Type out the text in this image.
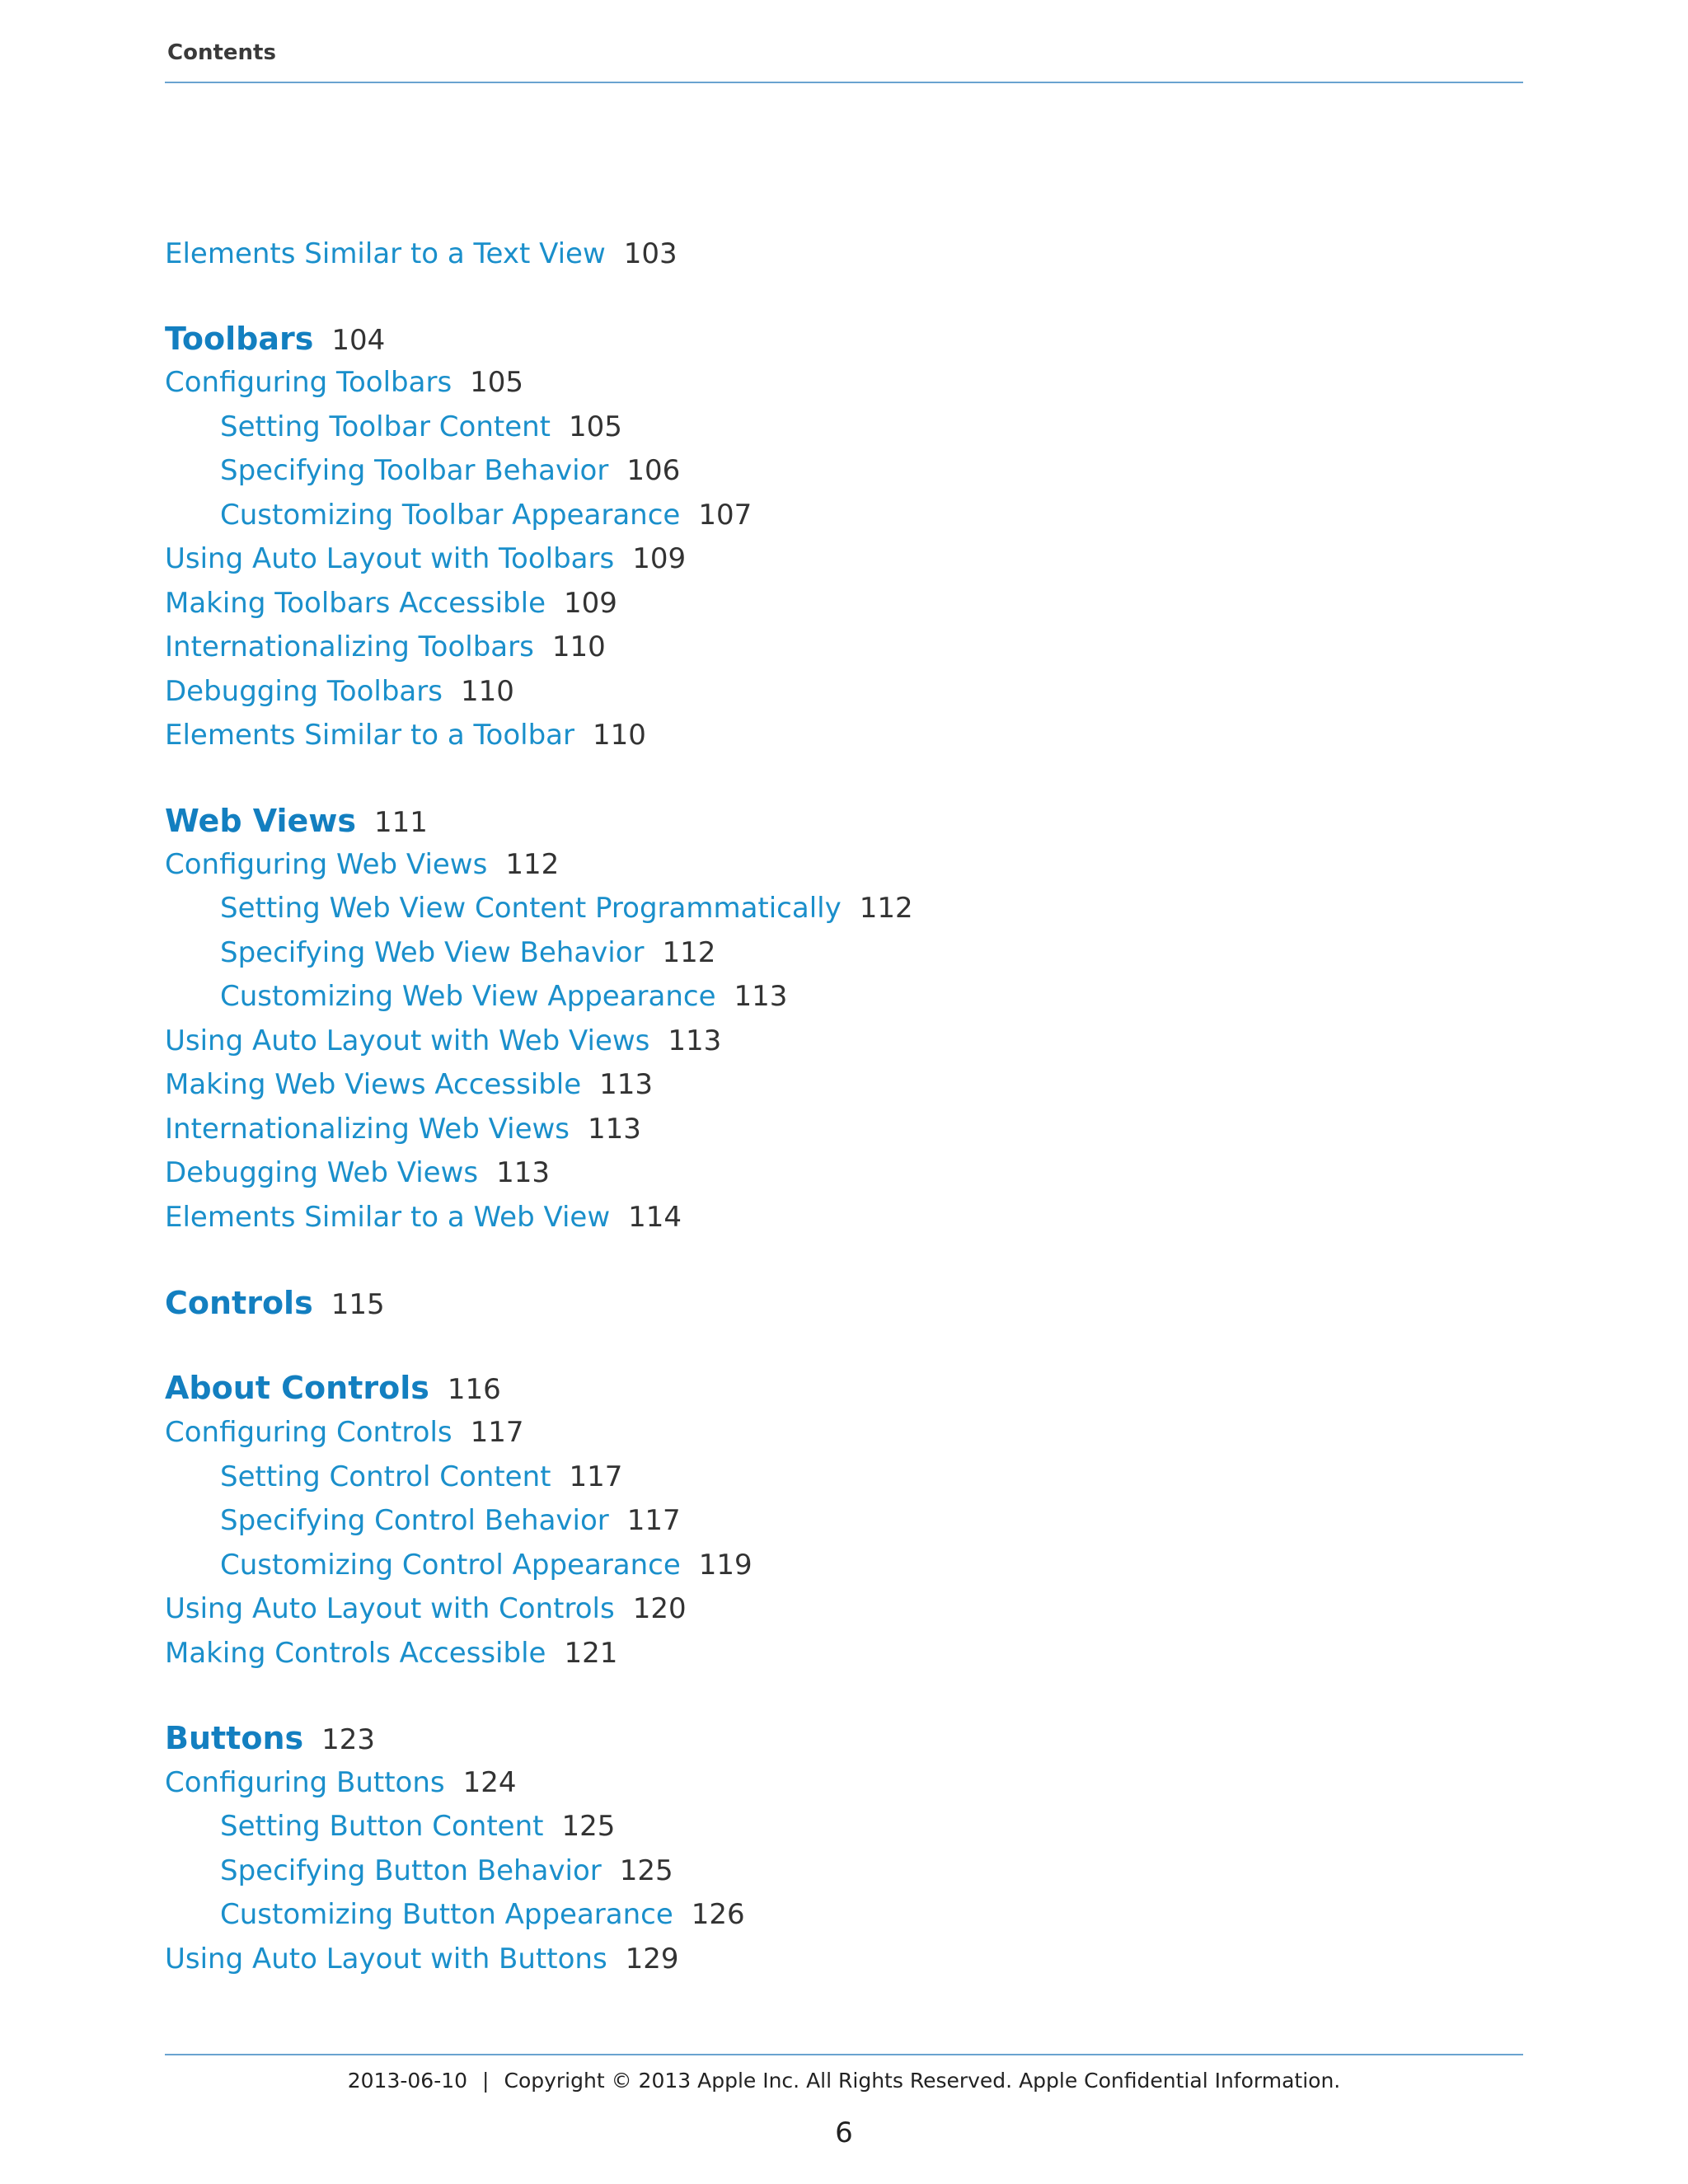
Contents
Elements Similar to a Text View 103
Toolbars 104
Configuring Toolbars 105
Setting Toolbar Content 105
Specifying Toolbar Behavior 106
Customizing Toolbar Appearance 107
Using Auto Layout with Toolbars 109
Making Toolbars Accessible 109
Internationalizing Toolbars 110
Debugging Toolbars 110
Elements Similar to a Toolbar 110
Web Views 111
Configuring Web Views 112
Setting Web View Content Programmatically 112
Specifying Web View Behavior 112
Customizing Web View Appearance 113
Using Auto Layout with Web Views 113
Making Web Views Accessible 113
Internationalizing Web Views 113
Debugging Web Views 113
Elements Similar to a Web View 114
Controls 115
About Controls 116
Configuring Controls 117
Setting Control Content 117
Specifying Control Behavior 117
Customizing Control Appearance 119
Using Auto Layout with Controls 120
Making Controls Accessible 121
Buttons 123
Configuring Buttons 124
Setting Button Content 125
Specifying Button Behavior 125
Customizing Button Appearance 126
Using Auto Layout with Buttons 129
2013-06-10 | Copyright © 2013 Apple Inc. All Rights Reserved. Apple Confidential Information.
6
